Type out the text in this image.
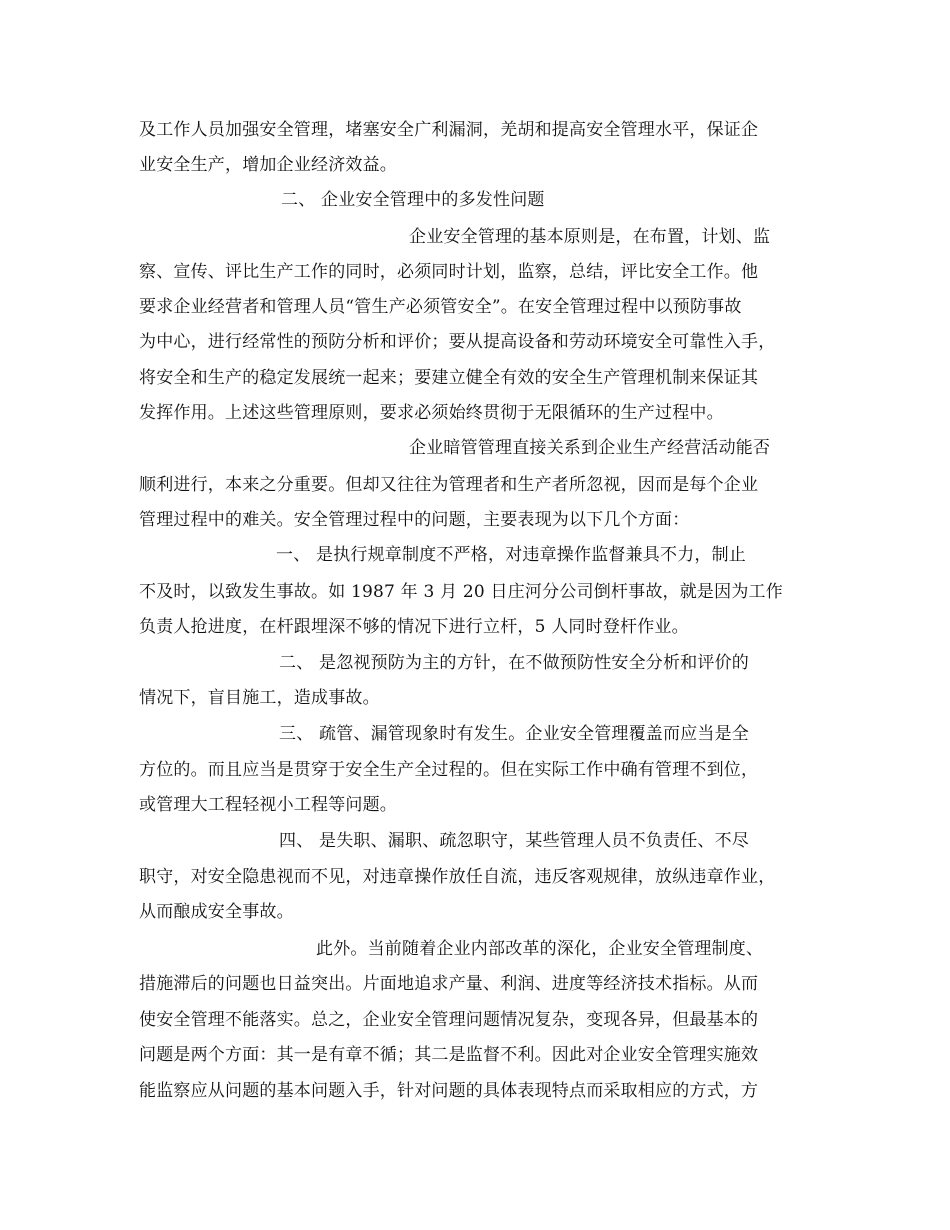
及工作人员加强安全管理，堵塞安全广利漏洞，羌胡和提高安全管理水平，保证企
业安全生产，增加企业经济效益。
二、 企业安全管理中的多发性问题
企业安全管理的基本原则是，在布置，计划、监
察、宣传、评比生产工作的同时，必须同时计划，监察，总结，评比安全工作。他
要求企业经营者和管理人员“管生产必须管安全”。在安全管理过程中以预防事故
为中心，进行经常性的预防分析和评价；要从提高设备和劳动环境安全可靠性入手，
将安全和生产的稳定发展统一起来；要建立健全有效的安全生产管理机制来保证其
发挥作用。上述这些管理原则，要求必须始终贯彻于无限循环的生产过程中。
企业暗管管理直接关系到企业生产经营活动能否
顺利进行，本来之分重要。但却又往往为管理者和生产者所忽视，因而是每个企业
管理过程中的难关。安全管理过程中的问题，主要表现为以下几个方面：
一、 是执行规章制度不严格，对违章操作监督兼具不力，制止
不及时，以致发生事故。如 1987 年 3 月 20 日庄河分公司倒杆事故，就是因为工作
负责人抢进度，在杆跟埋深不够的情况下进行立杆，5 人同时登杆作业。
二、 是忽视预防为主的方针，在不做预防性安全分析和评价的
情况下，盲目施工，造成事故。
三、 疏管、漏管现象时有发生。企业安全管理覆盖而应当是全
方位的。而且应当是贯穿于安全生产全过程的。但在实际工作中确有管理不到位，
或管理大工程轻视小工程等问题。
四、 是失职、漏职、疏忽职守，某些管理人员不负责任、不尽
职守，对安全隐患视而不见，对违章操作放任自流，违反客观规律，放纵违章作业，
从而酿成安全事故。
此外。当前随着企业内部改革的深化，企业安全管理制度、
措施滞后的问题也日益突出。片面地追求产量、利润、进度等经济技术指标。从而
使安全管理不能落实。总之，企业安全管理问题情况复杂，变现各异，但最基本的
问题是两个方面：其一是有章不循；其二是监督不利。因此对企业安全管理实施效
能监察应从问题的基本问题入手，针对问题的具体表现特点而采取相应的方式，方
